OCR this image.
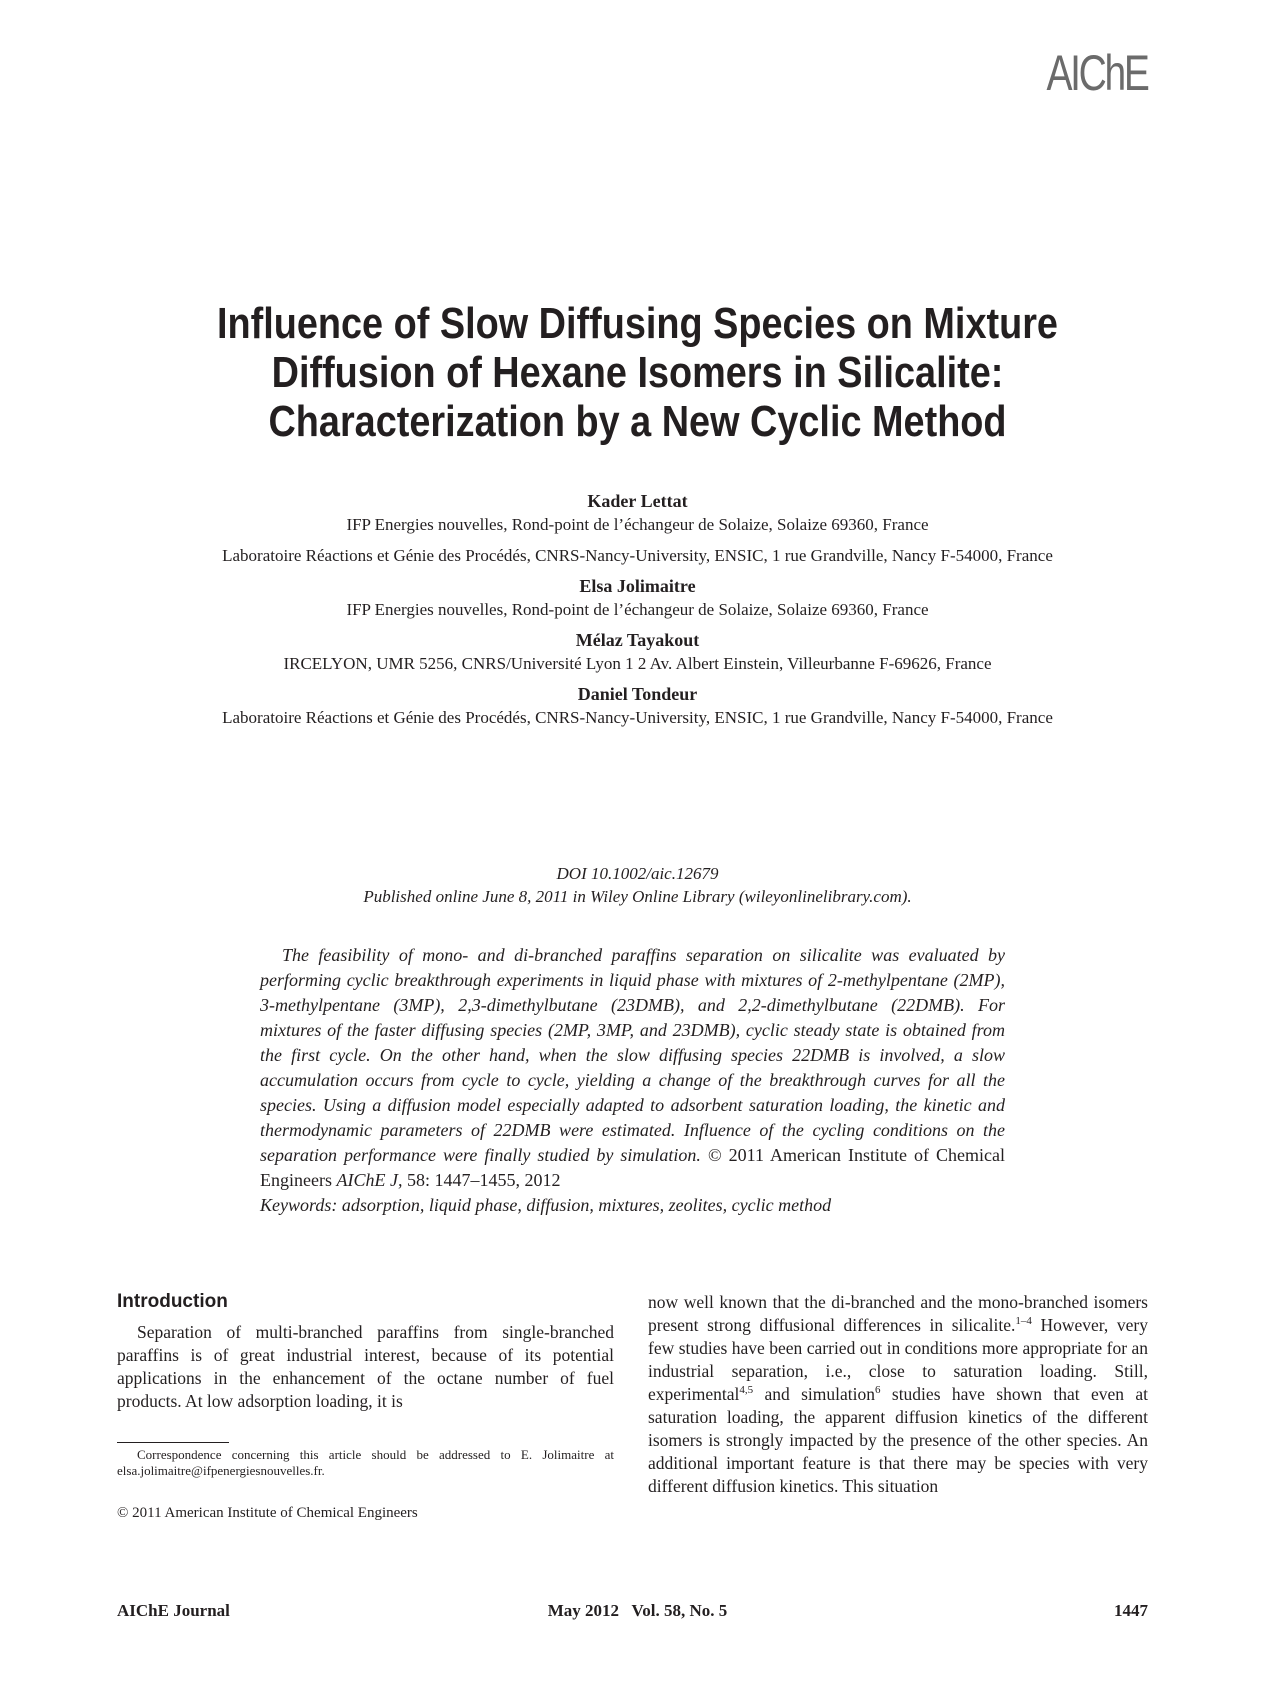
AIChE
Influence of Slow Diffusing Species on Mixture
Diffusion of Hexane Isomers in Silicalite:
Characterization by a New Cyclic Method
Kader Lettat
IFP Energies nouvelles, Rond-point de l’échangeur de Solaize, Solaize 69360, France
Laboratoire Réactions et Génie des Procédés, CNRS-Nancy-University, ENSIC, 1 rue Grandville, Nancy F-54000, France
Elsa Jolimaitre
IFP Energies nouvelles, Rond-point de l’échangeur de Solaize, Solaize 69360, France
Mélaz Tayakout
IRCELYON, UMR 5256, CNRS/Université Lyon 1 2 Av. Albert Einstein, Villeurbanne F-69626, France
Daniel Tondeur
Laboratoire Réactions et Génie des Procédés, CNRS-Nancy-University, ENSIC, 1 rue Grandville, Nancy F-54000, France
DOI 10.1002/aic.12679
Published online June 8, 2011 in Wiley Online Library (wileyonlinelibrary.com).

The feasibility of mono- and di-branched paraffins separation on silicalite was evaluated by performing cyclic breakthrough experiments in liquid phase with mixtures of 2-methylpentane (2MP), 3-methylpentane (3MP), 2,3-dimethylbutane (23DMB), and 2,2-dimethylbutane (22DMB). For mixtures of the faster diffusing species (2MP, 3MP, and 23DMB), cyclic steady state is obtained from the first cycle. On the other hand, when the slow diffusing species 22DMB is involved, a slow accumulation occurs from cycle to cycle, yielding a change of the breakthrough curves for all the species. Using a diffusion model especially adapted to adsorbent saturation loading, the kinetic and thermodynamic parameters of 22DMB were estimated. Influence of the cycling conditions on the separation performance were finally studied by simulation. © 2011 American Institute of Chemical Engineers AIChE J, 58: 1447–1455, 2012

Keywords: adsorption, liquid phase, diffusion, mixtures, zeolites, cyclic method
Introduction

Separation of multi-branched paraffins from single-branched paraffins is of great industrial interest, because of its potential applications in the enhancement of the octane number of fuel products. At low adsorption loading, it is

now well known that the di-branched and the mono-branched isomers present strong diffusional differences in silicalite.$^{1-4}$ However, very few studies have been carried out in conditions more appropriate for an industrial separation, i.e., close to saturation loading. Still, experimental$^{4,5}$ and simulation$^6$ studies have shown that even at saturation loading, the apparent diffusion kinetics of the different isomers is strongly impacted by the presence of the other species. An additional important feature is that there may be species with very different diffusion kinetics. This situation

Correspondence concerning this article should be addressed to E. Jolimaitre at elsa.jolimaitre@ifpenergiesnouvelles.fr.

© 2011 American Institute of Chemical Engineers
AIChE Journal	May 2012   Vol. 58, No. 5	1447
